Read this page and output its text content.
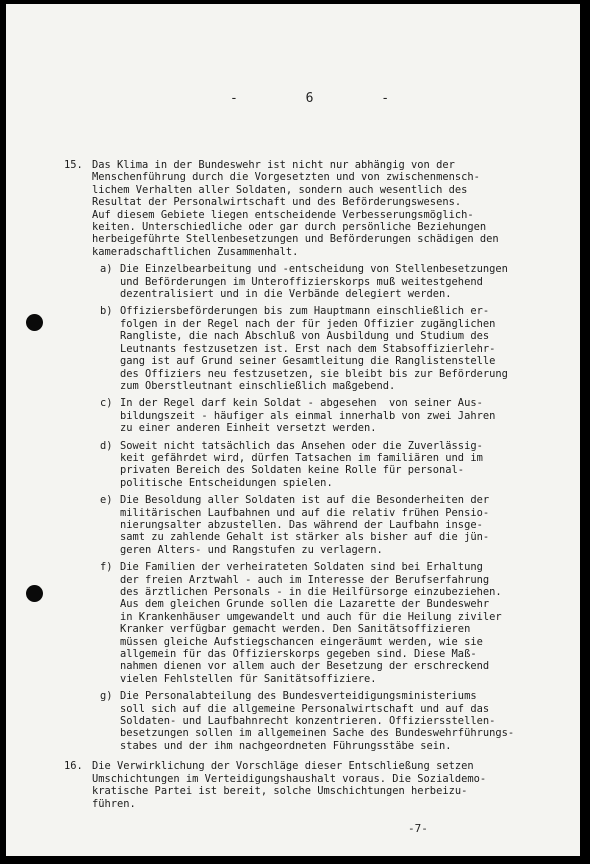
- 6 -
15. Das Klima in der Bundeswehr ist nicht nur abhängig von der
Menschenführung durch die Vorgesetzten und von zwischenmensch-
lichem Verhalten aller Soldaten, sondern auch wesentlich des
Resultat der Personalwirtschaft und des Beförderungswesens.
Auf diesem Gebiete liegen entscheidende Verbesserungsmöglich-
keiten. Unterschiedliche oder gar durch persönliche Beziehungen
herbeigeführte Stellenbesetzungen und Beförderungen schädigen den
kameradschaftlichen Zusammenhalt.
a) Die Einzelbearbeitung und -entscheidung von Stellenbesetzungen
und Beförderungen im Unteroffizierskorps muß weitestgehend
dezentralisiert und in die Verbände delegiert werden.
b) Offiziersbeförderungen bis zum Hauptmann einschließlich er-
folgen in der Regel nach der für jeden Offizier zugänglichen
Rangliste, die nach Abschluß von Ausbildung und Studium des
Leutnants festzusetzen ist. Erst nach dem Stabsoffizierlehr-
gang ist auf Grund seiner Gesamtleitung die Ranglistenstelle
des Offiziers neu festzusetzen, sie bleibt bis zur Beförderung
zum Oberstleutnant einschließlich maßgebend.
c) In der Regel darf kein Soldat - abgesehen  von seiner Aus-
bildungszeit - häufiger als einmal innerhalb von zwei Jahren
zu einer anderen Einheit versetzt werden.
d) Soweit nicht tatsächlich das Ansehen oder die Zuverlässig-
keit gefährdet wird, dürfen Tatsachen im familiären und im
privaten Bereich des Soldaten keine Rolle für personal-
politische Entscheidungen spielen.
e) Die Besoldung aller Soldaten ist auf die Besonderheiten der
militärischen Laufbahnen und auf die relativ frühen Pensio-
nierungsalter abzustellen. Das während der Laufbahn insge-
samt zu zahlende Gehalt ist stärker als bisher auf die jün-
geren Alters- und Rangstufen zu verlagern.
f) Die Familien der verheirateten Soldaten sind bei Erhaltung
der freien Arztwahl - auch im Interesse der Berufserfahrung
des ärztlichen Personals - in die Heilfürsorge einzubeziehen.
Aus dem gleichen Grunde sollen die Lazarette der Bundeswehr
in Krankenhäuser umgewandelt und auch für die Heilung ziviler
Kranker verfügbar gemacht werden. Den Sanitätsoffizieren
müssen gleiche Aufstiegschancen eingeräumt werden, wie sie
allgemein für das Offizierskorps gegeben sind. Diese Maß-
nahmen dienen vor allem auch der Besetzung der erschreckend
vielen Fehlstellen für Sanitätsoffiziere.
g) Die Personalabteilung des Bundesverteidigungsministeriums
soll sich auf die allgemeine Personalwirtschaft und auf das
Soldaten- und Laufbahnrecht konzentrieren. Offiziersstellen-
besetzungen sollen im allgemeinen Sache des Bundeswehrführungs-
stabes und der ihm nachgeordneten Führungsstäbe sein.
16. Die Verwirklichung der Vorschläge dieser Entschließung setzen
Umschichtungen im Verteidigungshaushalt voraus. Die Sozialdemo-
kratische Partei ist bereit, solche Umschichtungen herbeizu-
führen.
-7-
